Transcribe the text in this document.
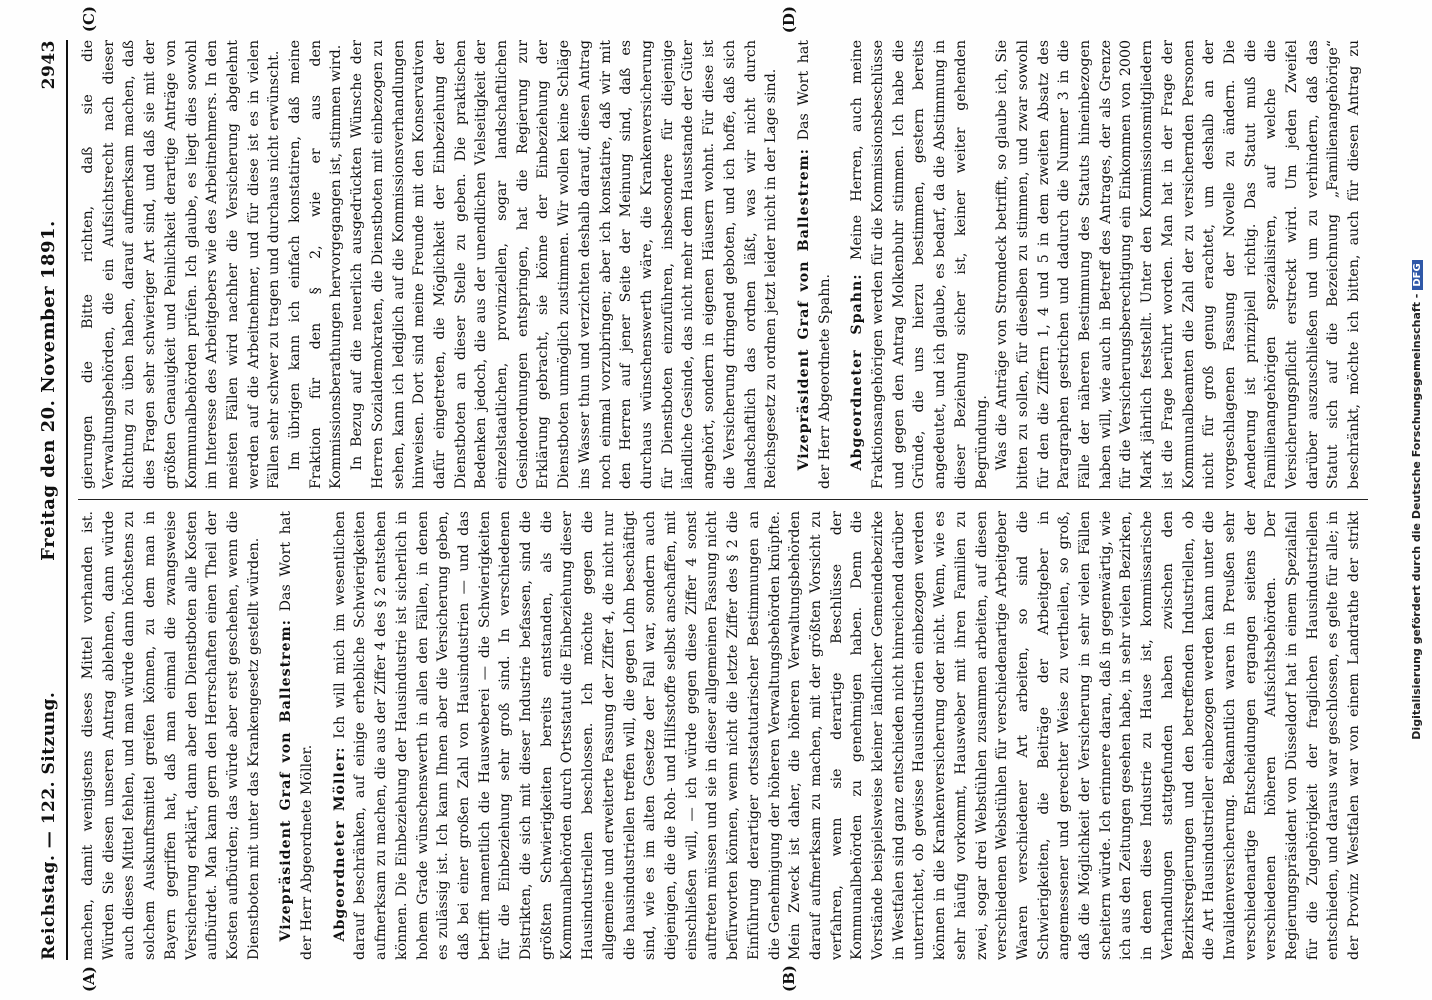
Reichstag. — 122. Sitzung.
Freitag den 20. November 1891.
2943

machen, damit wenigstens dieses Mittel vorhanden ist. Würden Sie diesen unseren Antrag ablehnen, dann würde auch dieses Mittel fehlen, und man würde dann höchstens zu solchem Auskunftsmittel greifen können, zu dem man in Bayern gegriffen hat, daß man einmal die zwangsweise Versicherung erklärt, dann aber den Dienstboten alle Kosten aufbürdet. Man kann gern den Herrschaften einen Theil der Kosten aufbürden; das würde aber erst geschehen, wenn die Dienstboten mit unter das Krankengesetz gestellt würden. Vizepräsident Graf von Ballestrem: Das Wort hat der Herr Abgeordnete Möller. Abgeordneter Möller: Ich will mich im wesentlichen darauf beschränken, auf einige erhebliche Schwierigkeiten aufmerksam zu machen, die aus der Ziffer 4 des § 2 entstehen können. Die Einbeziehung der Hausindustrie ist sicherlich in hohem Grade wünschenswerth in allen den Fällen, in denen es zulässig ist. Ich kann Ihnen aber die Versicherung geben, daß bei einer großen Zahl von Hausindustrien — und das betrifft namentlich die Hausweberei — die Schwierigkeiten für die Einbeziehung sehr groß sind. In verschiedenen Distrikten, die sich mit dieser Industrie befassen, sind die größten Schwierigkeiten bereits entstanden, als die Kommunalbehörden durch Ortsstatut die Einbeziehung dieser Hausindustriellen beschlossen. Ich möchte gegen die allgemeine und erweiterte Fassung der Ziffer 4, die nicht nur die hausindustriellen treffen will, die gegen Lohn beschäftigt sind, wie es im alten Gesetze der Fall war, sondern auch diejenigen, die die Roh- und Hilfsstoffe selbst anschaffen, mit einschließen will, — ich würde gegen diese Ziffer 4 sonst auftreten müssen und sie in dieser allgemeinen Fassung nicht befürworten können, wenn nicht die letzte Ziffer des § 2 die Einführung derartiger ortsstatutarischer Bestimmungen an die Genehmigung der höheren Verwaltungsbehörden knüpfte. Mein Zweck ist daher, die höheren Verwaltungsbehörden darauf aufmerksam zu machen, mit der größten Vorsicht zu verfahren, wenn sie derartige Beschlüsse der Kommunalbehörden zu genehmigen haben. Denn die Vorstände beispielsweise kleiner ländlicher Gemeindebezirke in Westfalen sind ganz entschieden nicht hinreichend darüber unterrichtet, ob gewisse Hausindustrien einbezogen werden können in die Krankenversicherung oder nicht. Wenn, wie es sehr häufig vorkommt, Hausweber mit ihren Familien zu zwei, sogar drei Webstühlen zusammen arbeiten, auf diesen verschiedenen Webstühlen für verschiedenartige Arbeitgeber Waaren verschiedener Art arbeiten, so sind die Schwierigkeiten, die Beiträge der Arbeitgeber in angemessener und gerechter Weise zu vertheilen, so groß, daß die Möglichkeit der Versicherung in sehr vielen Fällen scheitern würde. Ich erinnere daran, daß in gegenwärtig, wie ich aus den Zeitungen gesehen habe, in sehr vielen Bezirken, in denen diese Industrie zu Hause ist, kommissarische Verhandlungen stattgefunden haben zwischen den Bezirksregierungen und den betreffenden Industriellen, ob die Art Hausindustrieller einbezogen werden kann unter die Invalidenversicherung. Bekanntlich waren in Preußen sehr verschiedenartige Entscheidungen ergangen seitens der verschiedenen höheren Aufsichtsbehörden. Der Regierungspräsident von Düsseldorf hat in einem Spezialfall für die Zugehörigkeit der fraglichen Hausindustriellen entschieden, und daraus war geschlossen, es gelte für alle; in der Provinz Westfalen war von einem Landrathe der strikt

gierungen die Bitte richten, daß sie die Verwaltungsbehörden, die ein Aufsichtsrecht nach dieser Richtung zu üben haben, darauf aufmerksam machen, daß dies Fragen sehr schwieriger Art sind, und daß sie mit der größten Genauigkeit und Peinlichkeit derartige Anträge von Kommunalbehörden prüfen. Ich glaube, es liegt dies sowohl im Interesse des Arbeitgebers wie des Arbeitnehmers. In den meisten Fällen wird nachher die Versicherung abgelehnt werden auf die Arbeitnehmer, und für diese ist es in vielen Fällen sehr schwer zu tragen und durchaus nicht erwünscht. Im übrigen kann ich einfach konstatiren, daß meine Fraktion für den § 2, wie er aus den Kommissionsberathungen hervorgegangen ist, stimmen wird. In Bezug auf die neuerlich ausgedrückten Wünsche der Herren Sozialdemokraten, die Dienstboten mit einbezogen zu sehen, kann ich lediglich auf die Kommissionsverhandlungen hinweisen. Dort sind meine Freunde mit den Konservativen dafür eingetreten, die Möglichkeit der Einbeziehung der Dienstboten an dieser Stelle zu geben. Die praktischen Bedenken jedoch, die aus der unendlichen Vielseitigkeit der einzelstaatlichen, provinziellen, sogar landschaftlichen Gesindeordnungen entspringen, hat die Regierung zur Erklärung gebracht, sie könne der Einbeziehung der Dienstboten unmöglich zustimmen. Wir wollen keine Schläge ins Wasser thun und verzichten deshalb darauf, diesen Antrag noch einmal vorzubringen; aber ich konstatire, daß wir mit den Herren auf jener Seite der Meinung sind, daß es durchaus wünschenswerth wäre, die Krankenversicherung für Dienstboten einzuführen, insbesondere für diejenige ländliche Gesinde, das nicht mehr dem Hausstande der Güter angehört, sondern in eigenen Häusern wohnt. Für diese ist die Versicherung dringend geboten, und ich hoffe, daß sich landschaftlich das ordnen läßt, was wir nicht durch Reichsgesetz zu ordnen jetzt leider nicht in der Lage sind. Vizepräsident Graf von Ballestrem: Das Wort hat der Herr Abgeordnete Spahn. Abgeordneter Spahn: Meine Herren, auch meine Fraktionsangehörigen werden für die Kommissionsbeschlüsse und gegen den Antrag Molkenbuhr stimmen. Ich habe die Gründe, die uns hierzu bestimmen, gestern bereits angedeutet, und ich glaube, es bedarf, da die Abstimmung in dieser Beziehung sicher ist, keiner weiter gehenden Begründung. Was die Anträge von Stromdeck betrifft, so glaube ich, Sie bitten zu sollen, für dieselben zu stimmen, und zwar sowohl für den die Ziffern 1, 4 und 5 in dem zweiten Absatz des Paragraphen gestrichen und dadurch die Nummer 3 in die Fälle der näheren Bestimmung des Statuts hineinbezogen haben will, wie auch in Betreff des Antrages, der als Grenze für die Versicherungsberechtigung ein Einkommen von 2000 Mark jährlich feststellt. Unter den Kommissionsmitgliedern ist die Frage berührt worden. Man hat in der Frage der Kommunalbeamten die Zahl der zu versichernden Personen nicht für groß genug erachtet, um deshalb an der vorgeschlagenen Fassung der Novelle zu ändern. Die Aenderung ist prinzipiell richtig. Das Statut muß die Familienangehörigen spezialisiren, auf welche die Versicherungspflicht erstreckt wird. Um jeden Zweifel darüber auszuschließen und um zu verhindern, daß das Statut sich auf die Bezeichnung „Familienangehörige“ beschränkt, möchte ich bitten, auch für diesen Antrag zu

(A)	(B)
(C)	(D)
Digitalisierung gefördert durch die Deutsche Forschungsgemeinschaft -DFG
